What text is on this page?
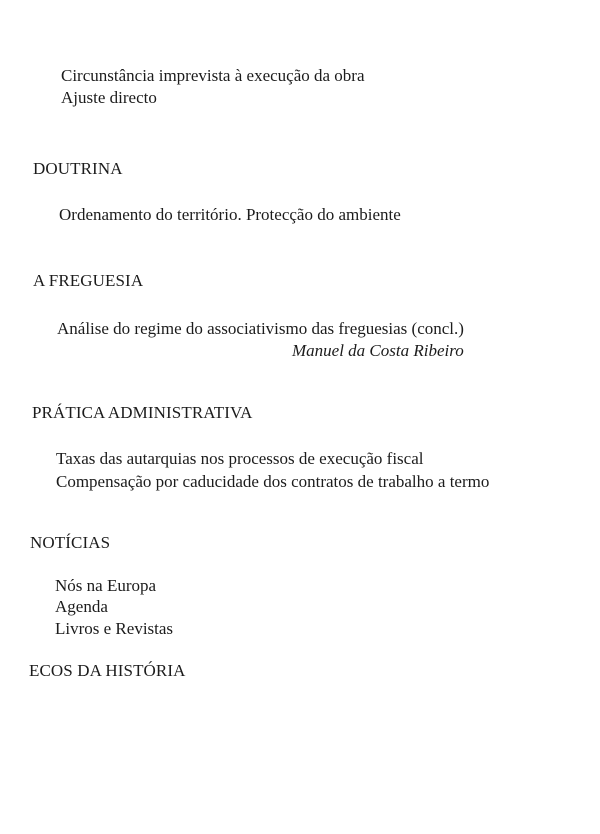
Circunstância imprevista à execução da obra
Ajuste directo
DOUTRINA
Ordenamento do território. Protecção do ambiente
A FREGUESIA
Análise do regime do associativismo das freguesias (concl.)
Manuel da Costa Ribeiro
PRÁTICA ADMINISTRATIVA
Taxas das autarquias nos processos de execução fiscal
Compensação por caducidade dos contratos de trabalho a termo
NOTÍCIAS
Nós na Europa
Agenda
Livros e Revistas
ECOS DA HISTÓRIA
